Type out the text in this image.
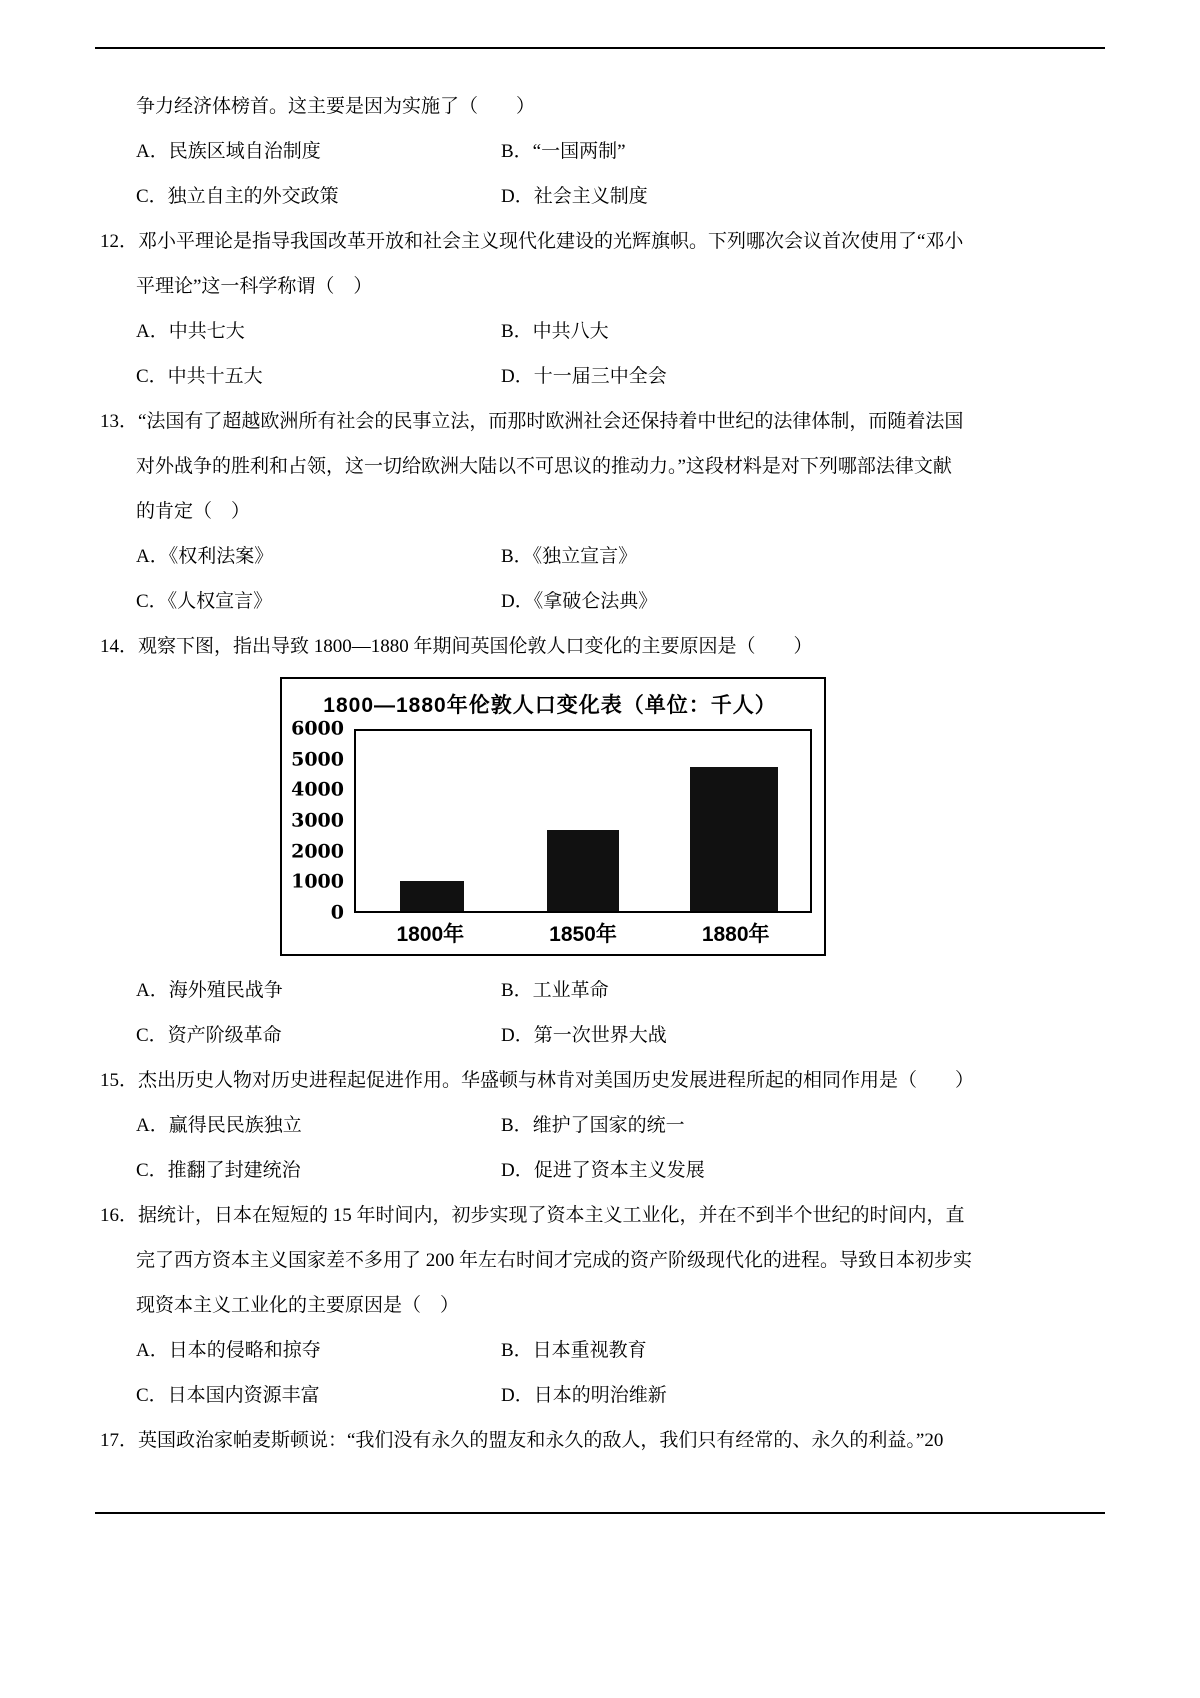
争力经济体榜首。这主要是因为实施了（　　）
A．民族区域自治制度	B．“一国两制”
C．独立自主的外交政策	D．社会主义制度
12．邓小平理论是指导我国改革开放和社会主义现代化建设的光辉旗帜。下列哪次会议首次使用了“邓小
平理论”这一科学称谓（　）
A．中共七大	B．中共八大
C．中共十五大	D．十一届三中全会
13．“法国有了超越欧洲所有社会的民事立法，而那时欧洲社会还保持着中世纪的法律体制，而随着法国
对外战争的胜利和占领，这一切给欧洲大陆以不可思议的推动力。”这段材料是对下列哪部法律文献
的肯定（　）
A．《权利法案》	B．《独立宣言》
C．《人权宣言》	D．《拿破仑法典》
14．观察下图，指出导致 1800—1880 年期间英国伦敦人口变化的主要原因是（　　）
1800—1880年伦敦人口变化表（单位：千人）
6000
5000
4000
3000
2000
1000
0
1800年	1850年	1880年
A．海外殖民战争	B．工业革命
C．资产阶级革命	D．第一次世界大战
15．杰出历史人物对历史进程起促进作用。华盛顿与林肯对美国历史发展进程所起的相同作用是（　　）
A．赢得民民族独立	B．维护了国家的统一
C．推翻了封建统治	D．促进了资本主义发展
16．据统计，日本在短短的 15 年时间内，初步实现了资本主义工业化，并在不到半个世纪的时间内，直
完了西方资本主义国家差不多用了 200 年左右时间才完成的资产阶级现代化的进程。导致日本初步实
现资本主义工业化的主要原因是（　）
A．日本的侵略和掠夺	B．日本重视教育
C．日本国内资源丰富	D．日本的明治维新
17．英国政治家帕麦斯顿说：“我们没有永久的盟友和永久的敌人，我们只有经常的、永久的利益。”20
